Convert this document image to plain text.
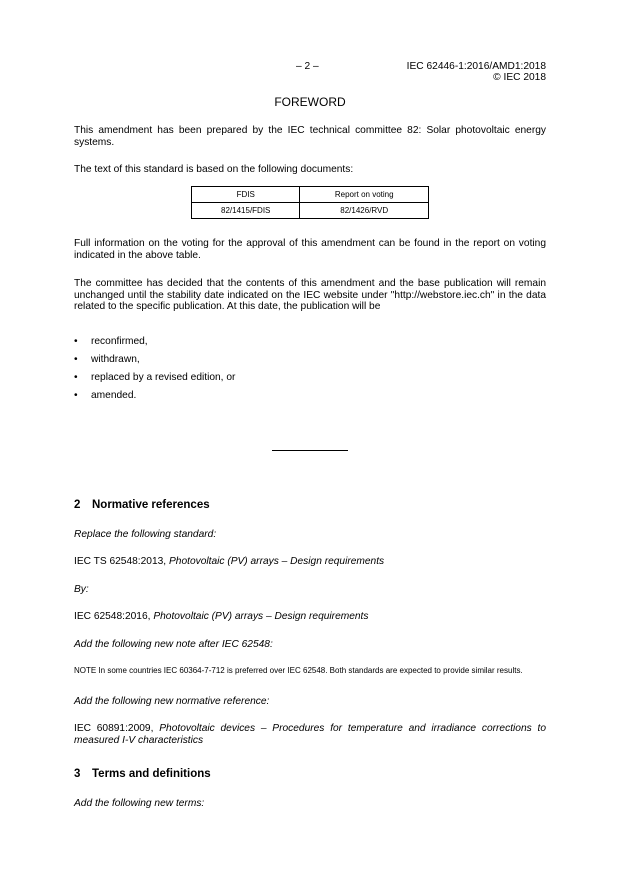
– 2 –	IEC 62446-1:2016/AMD1:2018
© IEC 2018
FOREWORD
This amendment has been prepared by the IEC technical committee 82: Solar photovoltaic energy systems.
The text of this standard is based on the following documents:
FDIS	Report on voting
82/1415/FDIS	82/1426/RVD
Full information on the voting for the approval of this amendment can be found in the report on voting indicated in the above table.
The committee has decided that the contents of this amendment and the base publication will remain unchanged until the stability date indicated on the IEC website under "http://webstore.iec.ch" in the data related to the specific publication. At this date, the publication will be
• reconfirmed,
• withdrawn,
• replaced by a revised edition, or
• amended.
2 Normative references
Replace the following standard:
IEC TS 62548:2013, Photovoltaic (PV) arrays – Design requirements
By:
IEC 62548:2016, Photovoltaic (PV) arrays – Design requirements
Add the following new note after IEC 62548:
NOTE In some countries IEC 60364-7-712 is preferred over IEC 62548. Both standards are expected to provide similar results.
Add the following new normative reference:
IEC 60891:2009, Photovoltaic devices – Procedures for temperature and irradiance corrections to measured I-V characteristics
3 Terms and definitions
Add the following new terms:
